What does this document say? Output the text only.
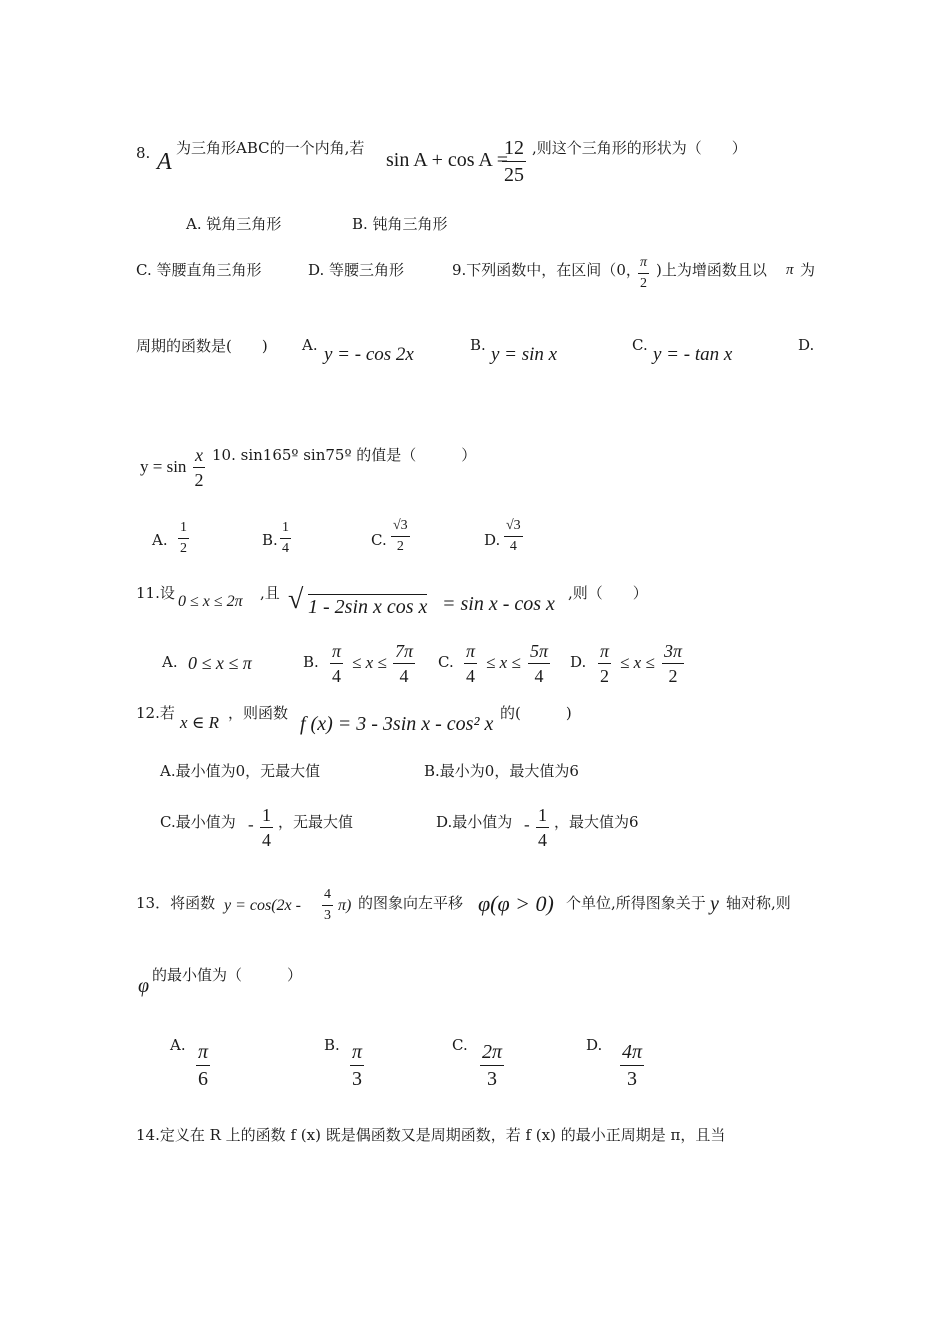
8. A
为三角形ABC的一个内角,若
sin A + cos A =
$\frac{12}{25}$ ,则这个三角形的形状为（　　）
A. 锐角三角形	B. 钝角三角形
C. 等腰直角三角形	D. 等腰三角形	9.下列函数中，在区间（0，
$\frac{\pi}{2}$ )上为增函数且以 π 为
周期的函数是(　　) A. y = - cos 2x	B. y = sin x	C. y = - tan x	D.
$y = \sin \frac{x}{2} 10$. sin165º sin75º 的值是（　　　）
A. $\frac{1}{2}$	B. $\frac{1}{4}$	C. $\frac{√3}{2}$	D. $\frac{√3}{4}$
11.设 0 ≤ x ≤ 2π ,且 √ 1 - 2sin x cos x = sin x - cos x ,则（　　）
A. 0 ≤ x ≤ π	B. $\frac{\pi}{4} \le x \le \frac{7\pi}{4} C$. $\frac{\pi}{4} \le x \le \frac{5\pi}{4} D$. $\frac{\pi}{2} \le x \le \frac{3\pi}{2}$
12.若 x ∈ R ，则函数 f (x) = 3 - 3sin x - cos² x 的(　　　)
A.最小值为0，无最大值	B.最小为0，最大值为6
C.最小值为 - $\frac{1}{4}$ ，无最大值	D.最小值为 - $\frac{1}{4}$ ，最大值为6
13．将函数 $y = \cos(2x - \frac{4}{3} \pi)$ 的图象向左平移 φ(φ > 0) 个单位,所得图象关于 y 轴对称,则
φ 的最小值为（　　　）
A. $\frac{\pi}{6}$	B. $\frac{\pi}{3}$	C. $\frac{2\pi}{3}$	D. $\frac{4\pi}{3}$
14.定义在 R 上的函数 f (x) 既是偶函数又是周期函数，若 f (x) 的最小正周期是 π，且当
